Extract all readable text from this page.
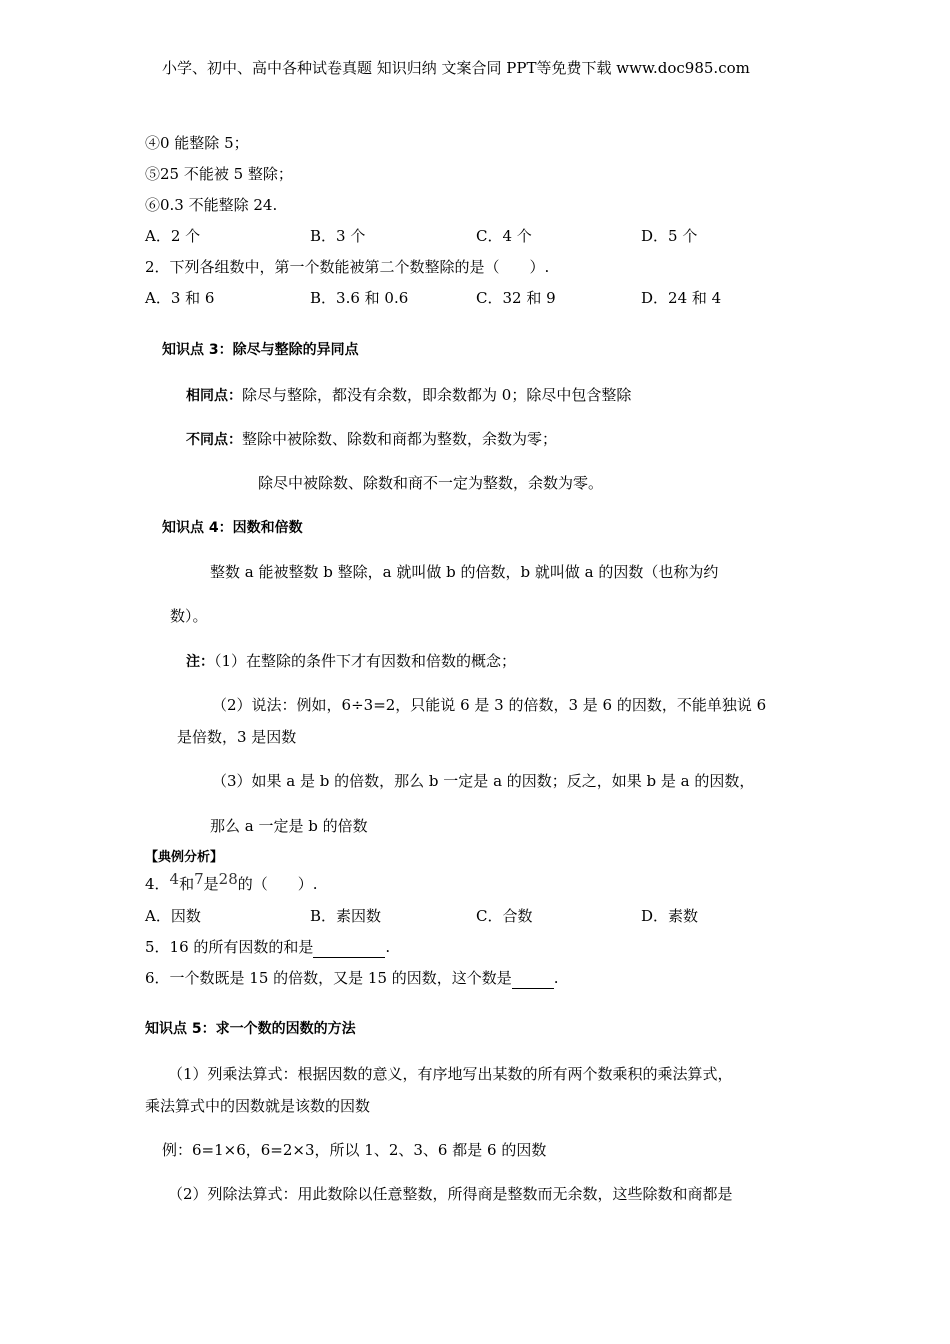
小学、初中、高中各种试卷真题 知识归纳 文案合同 PPT等免费下载 www.doc985.com
④0 能整除 5；
⑤25 不能被 5 整除；
⑥0.3 不能整除 24.
A．2 个	B．3 个	C．4 个	D．5 个
2．下列各组数中，第一个数能被第二个数整除的是（　　）.
A．3 和 6	B．3.6 和 0.6	C．32 和 9	D．24 和 4
知识点 3：除尽与整除的异同点
相同点：除尽与整除，都没有余数，即余数都为 0；除尽中包含整除
不同点：整除中被除数、除数和商都为整数，余数为零；
除尽中被除数、除数和商不一定为整数，余数为零。
知识点 4：因数和倍数
整数 a 能被整数 b 整除，a 就叫做 b 的倍数，b 就叫做 a 的因数（也称为约
数）。
注：（1）在整除的条件下才有因数和倍数的概念；
（2）说法：例如，6÷3=2，只能说 6 是 3 的倍数，3 是 6 的因数，不能单独说 6
是倍数，3 是因数
（3）如果 a 是 b 的倍数，那么 b 一定是 a 的因数；反之，如果 b 是 a 的因数，
那么 a 一定是 b 的倍数
【典例分析】
4．4和7是28的（　　）.
A．因数	B．素因数	C．合数	D．素数
5．16 的所有因数的和是	.
6．一个数既是 15 的倍数，又是 15 的因数，这个数是	.
知识点 5：求一个数的因数的方法
（1）列乘法算式：根据因数的意义，有序地写出某数的所有两个数乘积的乘法算式，
乘法算式中的因数就是该数的因数
例：6=1×6，6=2×3，所以 1、2、3、6 都是 6 的因数
（2）列除法算式：用此数除以任意整数，所得商是整数而无余数，这些除数和商都是
